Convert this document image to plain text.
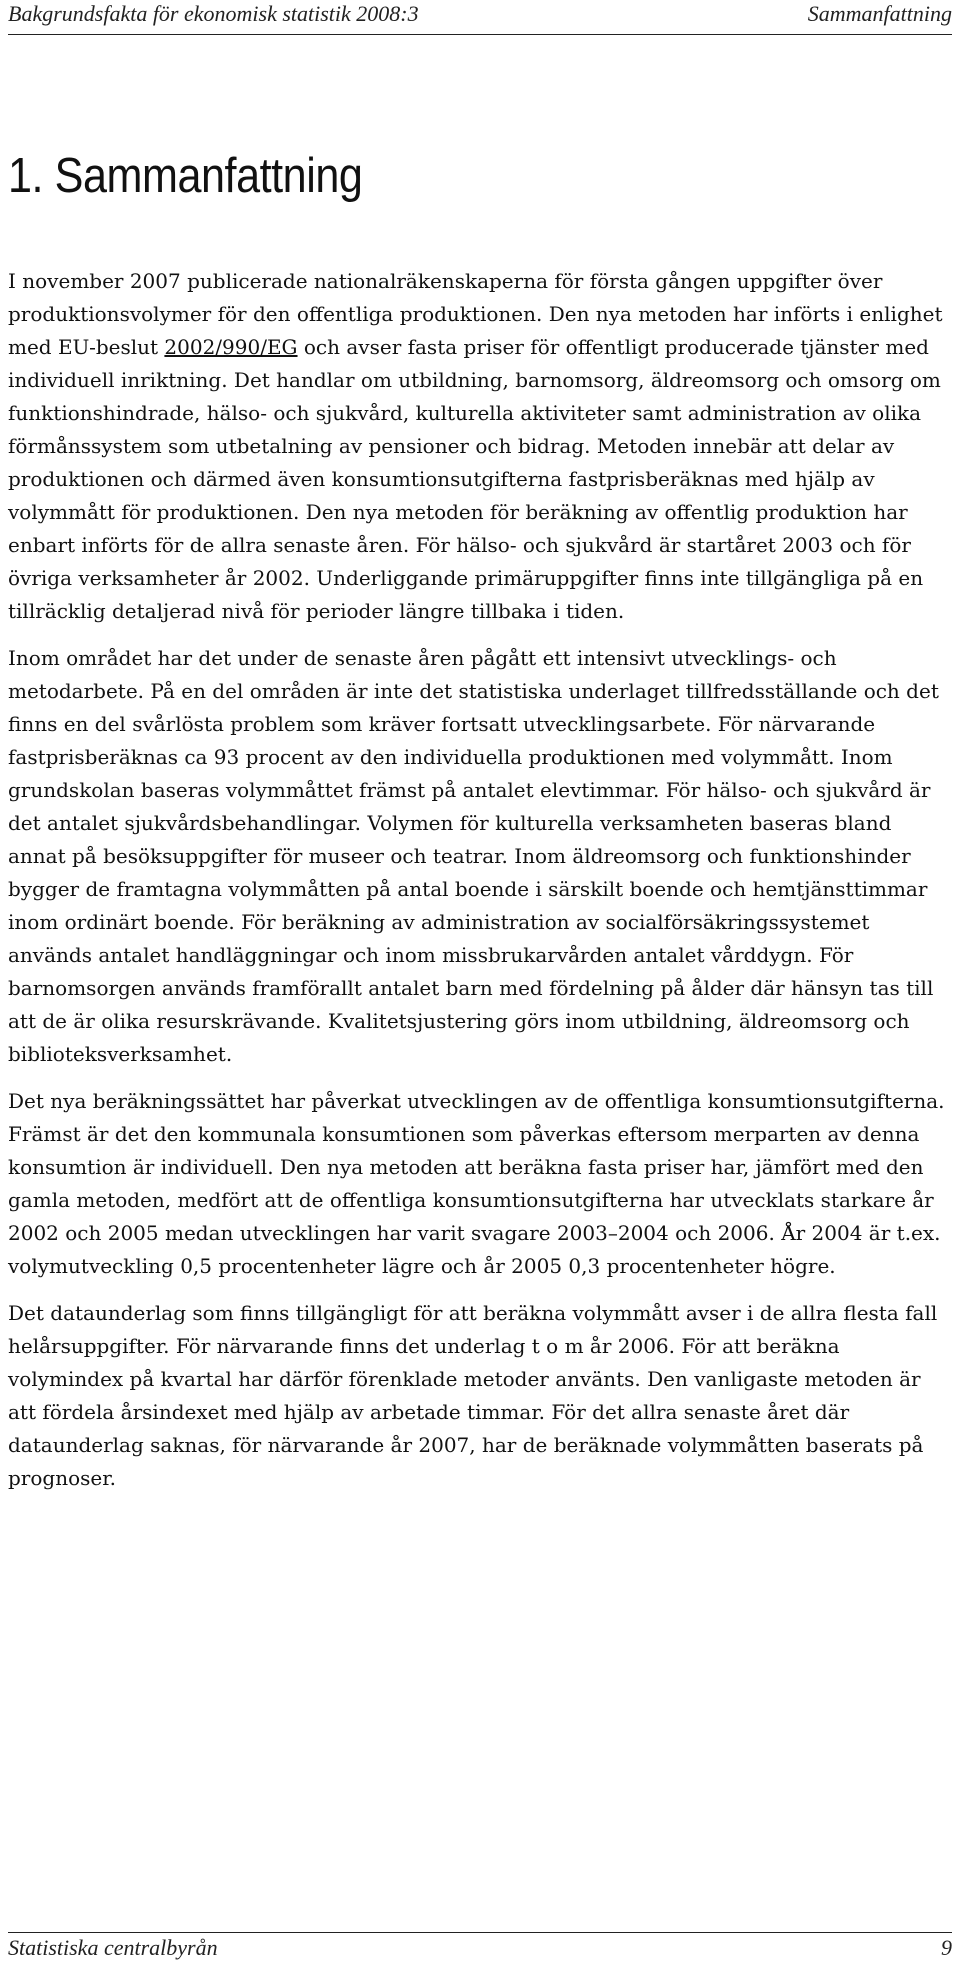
Bakgrundsfakta för ekonomisk statistik 2008:3	Sammanfattning
1. Sammanfattning

I november 2007 publicerade nationalräkenskaperna för första gången uppgifter över produktionsvolymer för den offentliga produktionen. Den nya metoden har införts i enlighet med EU-beslut 2002/990/EG och avser fasta priser för offentligt producerade tjänster med individuell inriktning. Det handlar om utbildning, barnomsorg, äldreomsorg och omsorg om funktionshindrade, hälso- och sjukvård, kulturella aktiviteter samt administration av olika förmånssystem som utbetalning av pensioner och bidrag. Metoden innebär att delar av produktionen och därmed även konsumtionsutgifterna fastprisberäknas med hjälp av volymmått för produktionen. Den nya metoden för beräkning av offentlig produktion har enbart införts för de allra senaste åren. För hälso- och sjukvård är startåret 2003 och för övriga verksamheter år 2002. Underliggande primäruppgifter finns inte tillgängliga på en tillräcklig detaljerad nivå för perioder längre tillbaka i tiden.

Inom området har det under de senaste åren pågått ett intensivt utvecklings- och metodarbete. På en del områden är inte det statistiska underlaget tillfredsställande och det finns en del svårlösta problem som kräver fortsatt utvecklingsarbete. För närvarande fastprisberäknas ca 93 procent av den individuella produktionen med volymmått. Inom grundskolan baseras volymmåttet främst på antalet elevtimmar. För hälso- och sjukvård är det antalet sjukvårdsbehandlingar. Volymen för kulturella verksamheten baseras bland annat på besöksuppgifter för museer och teatrar. Inom äldreomsorg och funktionshinder bygger de framtagna volymmåtten på antal boende i särskilt boende och hemtjänsttimmar inom ordinärt boende. För beräkning av administration av socialförsäkringssystemet används antalet handläggningar och inom missbrukarvården antalet vårddygn. För barnomsorgen används framförallt antalet barn med fördelning på ålder där hänsyn tas till att de är olika resurskrävande. Kvalitetsjustering görs inom utbildning, äldreomsorg och biblioteksverksamhet.

Det nya beräkningssättet har påverkat utvecklingen av de offentliga konsumtionsutgifterna. Främst är det den kommunala konsumtionen som påverkas eftersom merparten av denna konsumtion är individuell. Den nya metoden att beräkna fasta priser har, jämfört med den gamla metoden, medfört att de offentliga konsumtionsutgifterna har utvecklats starkare år 2002 och 2005 medan utvecklingen har varit svagare 2003–2004 och 2006. År 2004 är t.ex. volymutveckling 0,5 procentenheter lägre och år 2005 0,3 procentenheter högre.

Det dataunderlag som finns tillgängligt för att beräkna volymmått avser i de allra flesta fall helårsuppgifter. För närvarande finns det underlag t o m år 2006. För att beräkna volymindex på kvartal har därför förenklade metoder använts. Den vanligaste metoden är att fördela årsindexet med hjälp av arbetade timmar. För det allra senaste året där dataunderlag saknas, för närvarande år 2007, har de beräknade volymmåtten baserats på prognoser.

Statistiska centralbyrån	9
